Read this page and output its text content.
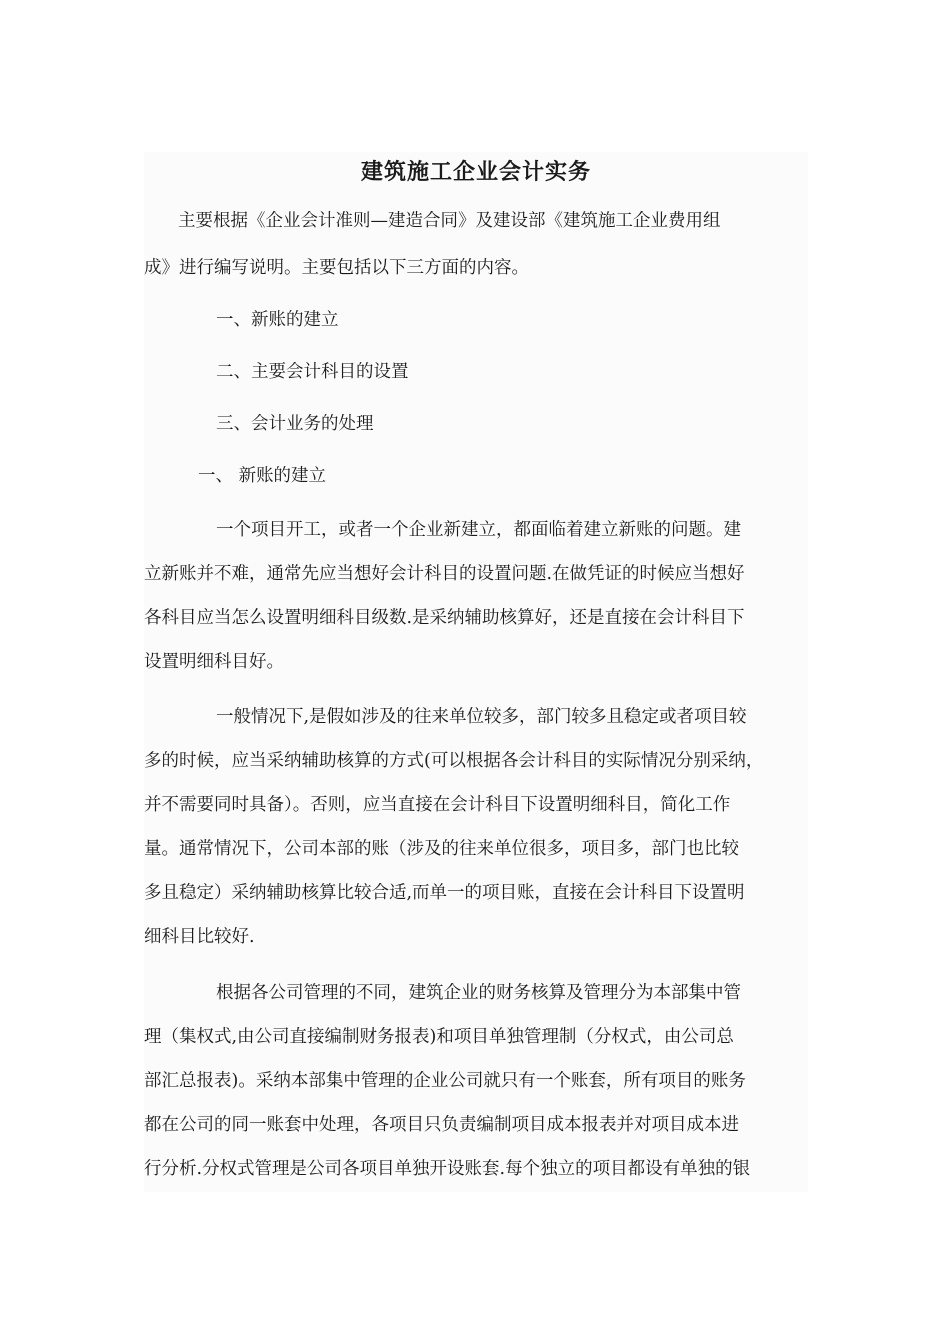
建筑施工企业会计实务
主要根据《企业会计准则—建造合同》及建设部《建筑施工企业费用组
成》进行编写说明。主要包括以下三方面的内容。
一、新账的建立
二、主要会计科目的设置
三、会计业务的处理
一、 新账的建立
一个项目开工，或者一个企业新建立，都面临着建立新账的问题。建
立新账并不难，通常先应当想好会计科目的设置问题.在做凭证的时候应当想好
各科目应当怎么设置明细科目级数.是采纳辅助核算好，还是直接在会计科目下
设置明细科目好。
一般情况下,是假如涉及的往来单位较多，部门较多且稳定或者项目较
多的时候，应当采纳辅助核算的方式(可以根据各会计科目的实际情况分别采纳，
并不需要同时具备）。否则，应当直接在会计科目下设置明细科目，简化工作
量。通常情况下，公司本部的账（涉及的往来单位很多，项目多，部门也比较
多且稳定）采纳辅助核算比较合适,而单一的项目账，直接在会计科目下设置明
细科目比较好.
根据各公司管理的不同，建筑企业的财务核算及管理分为本部集中管
理（集权式,由公司直接编制财务报表)和项目单独管理制（分权式，由公司总
部汇总报表)。采纳本部集中管理的企业公司就只有一个账套，所有项目的账务
都在公司的同一账套中处理，各项目只负责编制项目成本报表并对项目成本进
行分析.分权式管理是公司各项目单独开设账套.每个独立的项目都设有单独的银
